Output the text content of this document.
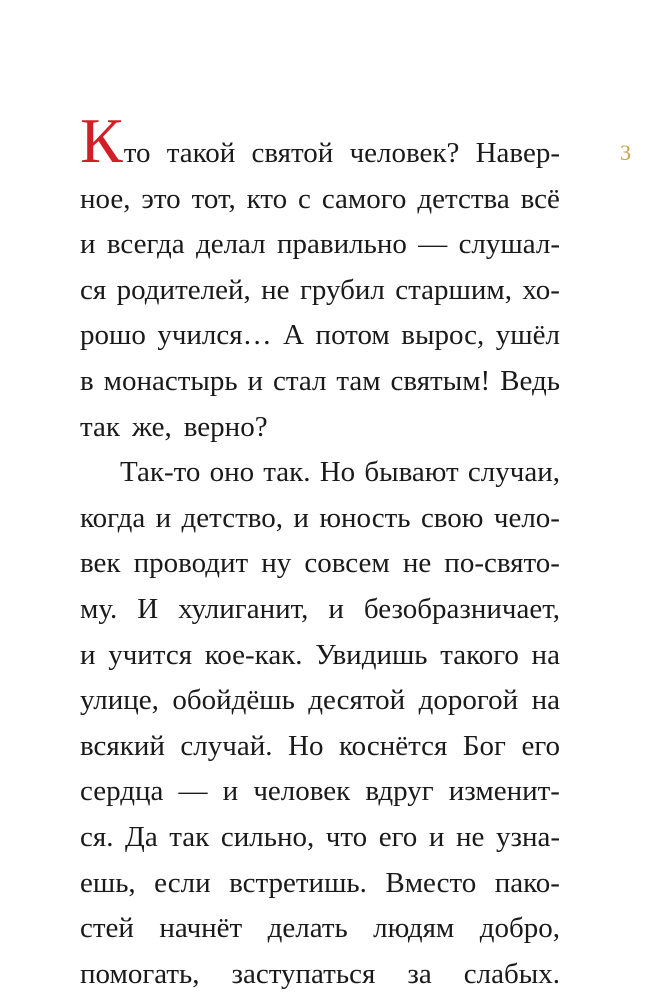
3
Кто такой святой человек? Навер-
ное, это тот, кто с самого детства всё
и всегда делал правильно — слушал-
ся родителей, не грубил старшим, хо-
рошо учился… А потом вырос, ушёл
в монастырь и стал там святым! Ведь
так же, верно?
Так-то оно так. Но бывают случаи,
когда и детство, и юность свою чело-
век проводит ну совсем не по-свято-
му. И хулиганит, и безобразничает,
и учится кое-как. Увидишь такого на
улице, обойдёшь десятой дорогой на
всякий случай. Но коснётся Бог его
сердца — и человек вдруг изменит-
ся. Да так сильно, что его и не узна-
ешь, если встретишь. Вместо пако-
стей начнёт делать людям добро,
помогать, заступаться за слабых.
